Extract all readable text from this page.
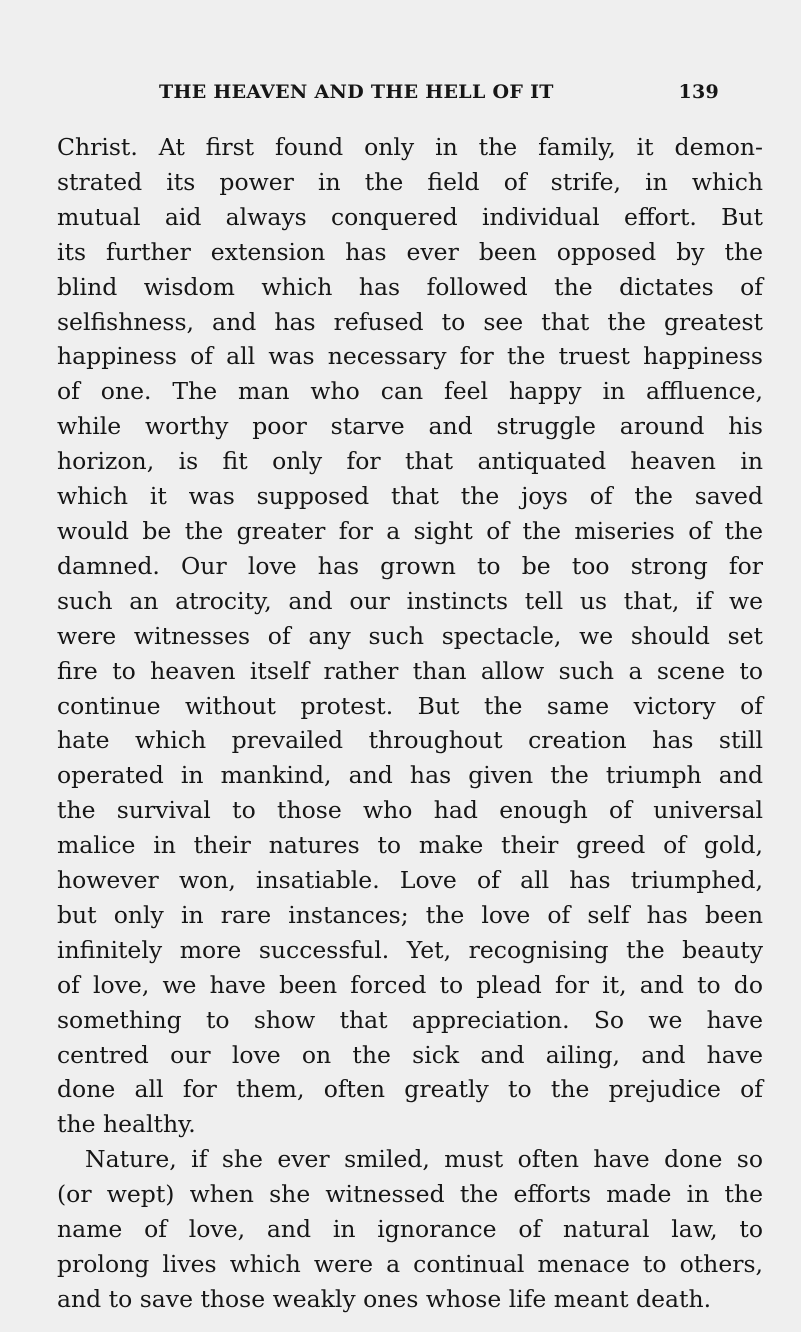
THE HEAVEN AND THE HELL OF IT	139
Christ. At first found only in the family, it demon-
strated its power in the field of strife, in which
mutual aid always conquered individual effort. But
its further extension has ever been opposed by the
blind wisdom which has followed the dictates of
selfishness, and has refused to see that the greatest
happiness of all was necessary for the truest happiness
of one. The man who can feel happy in affluence,
while worthy poor starve and struggle around his
horizon, is fit only for that antiquated heaven in
which it was supposed that the joys of the saved
would be the greater for a sight of the miseries of the
damned. Our love has grown to be too strong for
such an atrocity, and our instincts tell us that, if we
were witnesses of any such spectacle, we should set
fire to heaven itself rather than allow such a scene to
continue without protest. But the same victory of
hate which prevailed throughout creation has still
operated in mankind, and has given the triumph and
the survival to those who had enough of universal
malice in their natures to make their greed of gold,
however won, insatiable. Love of all has triumphed,
but only in rare instances; the love of self has been
infinitely more successful. Yet, recognising the beauty
of love, we have been forced to plead for it, and to do
something to show that appreciation. So we have
centred our love on the sick and ailing, and have
done all for them, often greatly to the prejudice of
the healthy.
Nature, if she ever smiled, must often have done so
(or wept) when she witnessed the efforts made in the
name of love, and in ignorance of natural law, to
prolong lives which were a continual menace to others,
and to save those weakly ones whose life meant death.
